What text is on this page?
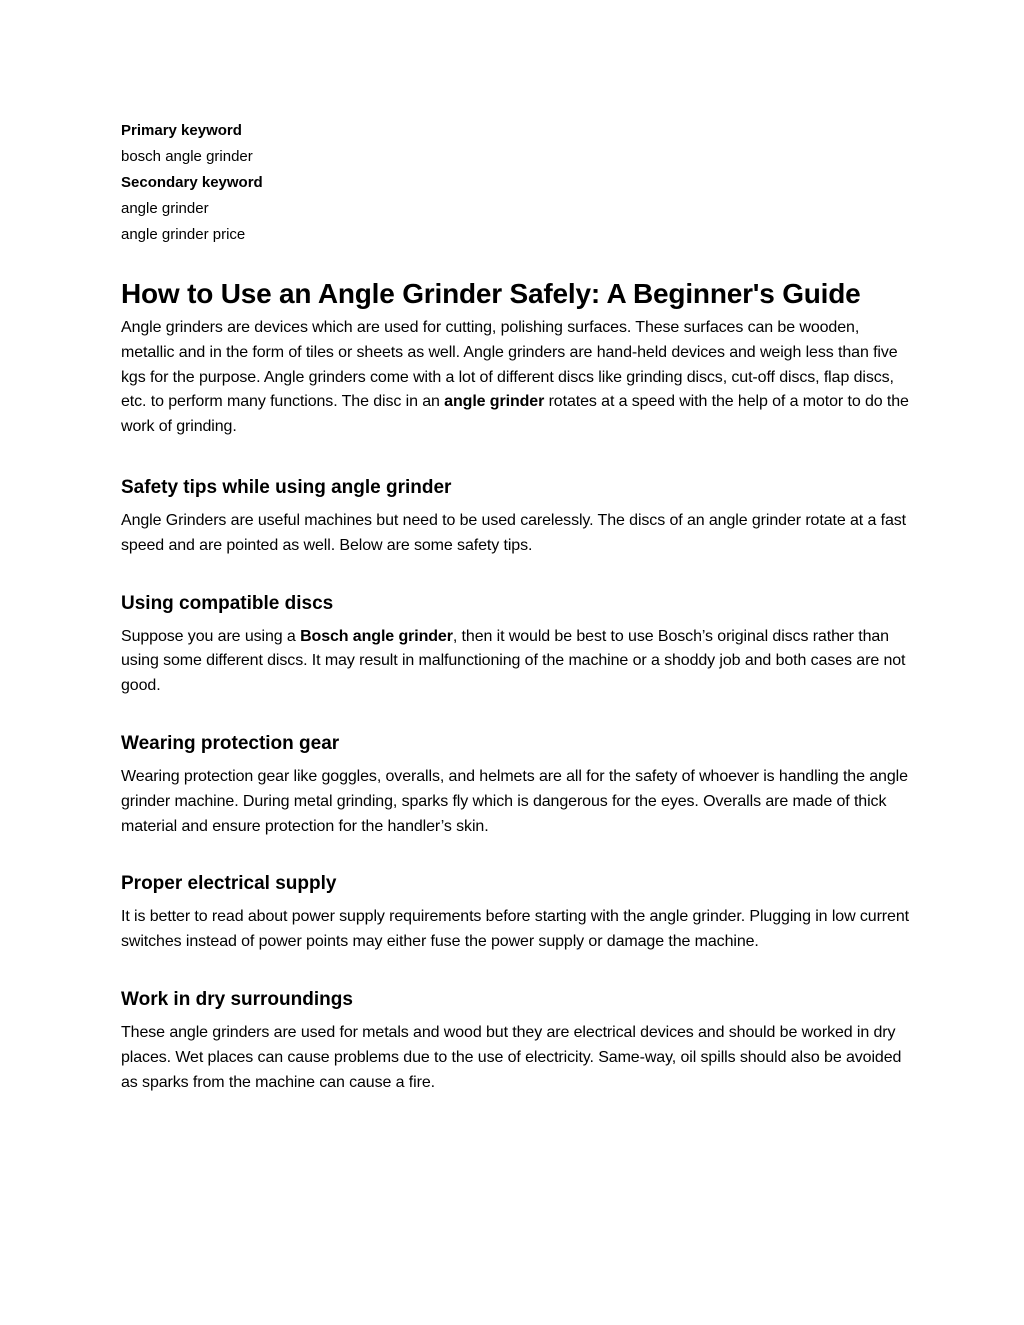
Primary keyword

bosch angle grinder

Secondary keyword

angle grinder

angle grinder price

How to Use an Angle Grinder Safely: A Beginner's Guide

Angle grinders are devices which are used for cutting, polishing surfaces. These surfaces can be wooden, metallic and in the form of tiles or sheets as well. Angle grinders are hand-held devices and weigh less than five kgs for the purpose. Angle grinders come with a lot of different discs like grinding discs, cut-off discs, flap discs, etc. to perform many functions. The disc in an angle grinder rotates at a speed with the help of a motor to do the work of grinding.

Safety tips while using angle grinder

Angle Grinders are useful machines but need to be used carelessly. The discs of an angle grinder rotate at a fast speed and are pointed as well. Below are some safety tips.

Using compatible discs

Suppose you are using a Bosch angle grinder, then it would be best to use Bosch’s original discs rather than using some different discs. It may result in malfunctioning of the machine or a shoddy job and both cases are not good.

Wearing protection gear

Wearing protection gear like goggles, overalls, and helmets are all for the safety of whoever is handling the angle grinder machine. During metal grinding, sparks fly which is dangerous for the eyes. Overalls are made of thick material and ensure protection for the handler’s skin.

Proper electrical supply

It is better to read about power supply requirements before starting with the angle grinder. Plugging in low current switches instead of power points may either fuse the power supply or damage the machine.

Work in dry surroundings

These angle grinders are used for metals and wood but they are electrical devices and should be worked in dry places. Wet places can cause problems due to the use of electricity. Same-way, oil spills should also be avoided as sparks from the machine can cause a fire.
